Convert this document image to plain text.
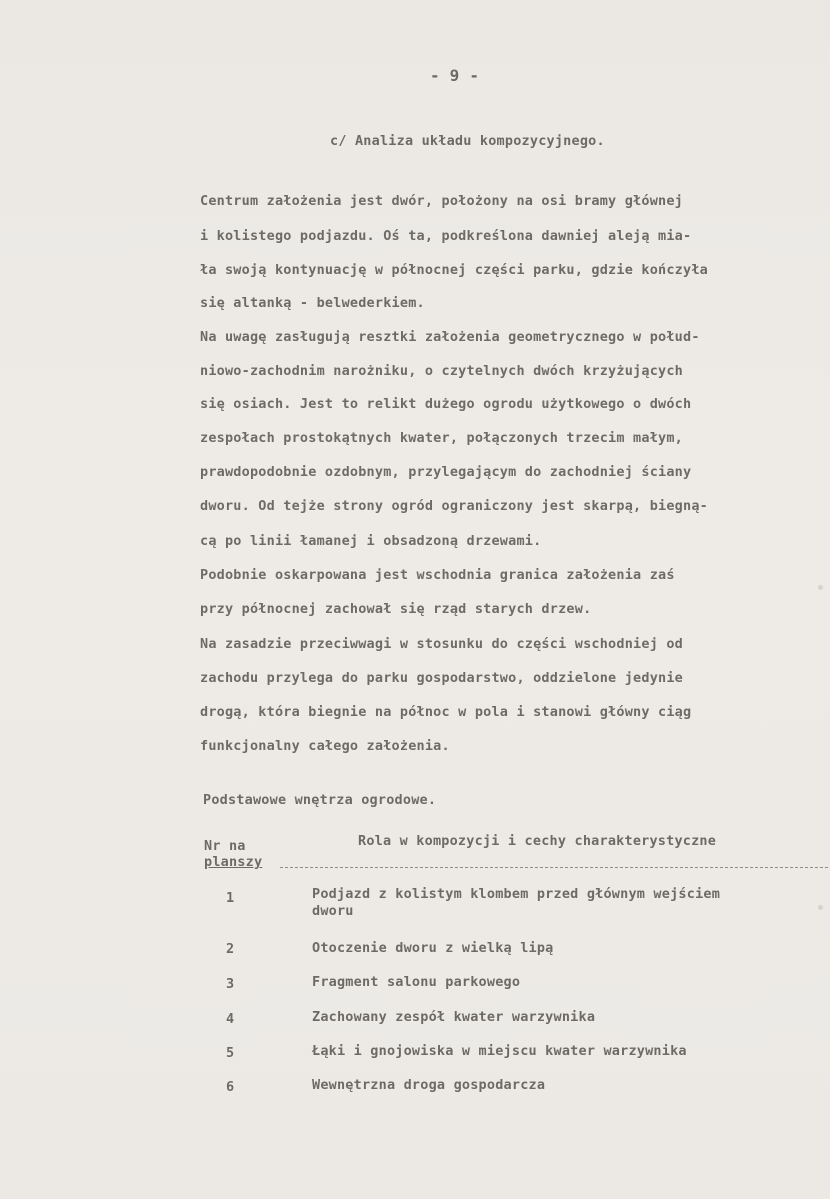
- 9 -
c/ Analiza układu kompozycyjnego.
Centrum założenia jest dwór, położony na osi bramy głównej
i kolistego podjazdu. Oś ta, podkreślona dawniej aleją mia-
ła swoją kontynuację w północnej części parku, gdzie kończyła
się altanką - belwederkiem.
Na uwagę zasługują resztki założenia geometrycznego w połud-
niowo-zachodnim narożniku, o czytelnych dwóch krzyżujących
się osiach. Jest to relikt dużego ogrodu użytkowego o dwóch
zespołach prostokątnych kwater, połączonych trzecim małym,
prawdopodobnie ozdobnym, przylegającym do zachodniej ściany
dworu. Od tejże strony ogród ograniczony jest skarpą, biegną-
cą po linii łamanej i obsadzoną drzewami.
Podobnie oskarpowana jest wschodnia granica założenia zaś
przy północnej zachował się rząd starych drzew.
Na zasadzie przeciwwagi w stosunku do części wschodniej od
zachodu przylega do parku gospodarstwo, oddzielone jedynie
drogą, która biegnie na północ w pola i stanowi główny ciąg
funkcjonalny całego założenia.
Podstawowe wnętrza ogrodowe.
Nr na
planszy
Rola w kompozycji i cechy charakterystyczne
1	Podjazd z kolistym klombem przed głównym wejściem
dworu
2	Otoczenie dworu z wielką lipą
3	Fragment salonu parkowego
4	Zachowany zespół kwater warzywnika
5	Łąki i gnojowiska w miejscu kwater warzywnika
6	Wewnętrzna droga gospodarcza
